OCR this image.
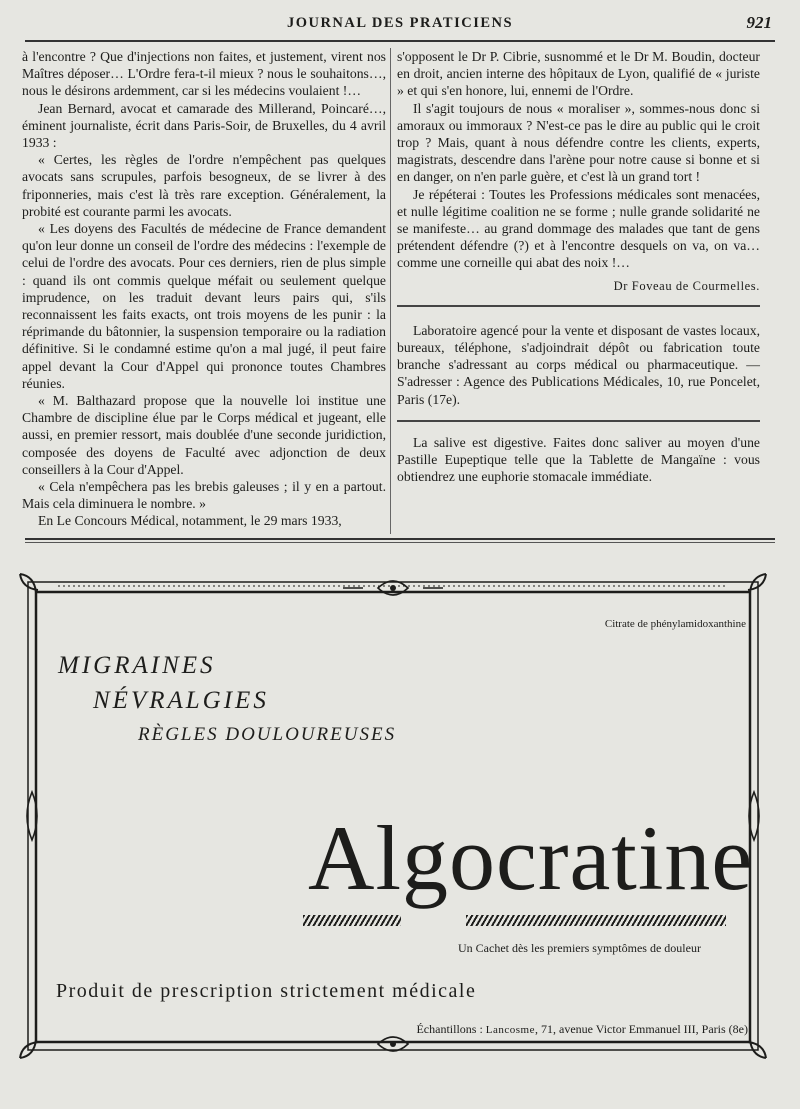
JOURNAL DES PRATICIENS	921

à l'encontre ? Que d'injections non faites, et justement, virent nos Maîtres déposer… L'Ordre fera-t-il mieux ? nous le souhaitons…, nous le désirons ardemment, car si les médecins voulaient !…

Jean Bernard, avocat et camarade des Millerand, Poincaré…, éminent journaliste, écrit dans Paris-Soir, de Bruxelles, du 4 avril 1933 :

« Certes, les règles de l'ordre n'empêchent pas quelques avocats sans scrupules, parfois besogneux, de se livrer à des friponneries, mais c'est là très rare exception. Généralement, la probité est courante parmi les avocats.

« Les doyens des Facultés de médecine de France demandent qu'on leur donne un conseil de l'ordre des médecins : l'exemple de celui de l'ordre des avocats. Pour ces derniers, rien de plus simple : quand ils ont commis quelque méfait ou seulement quelque imprudence, on les traduit devant leurs pairs qui, s'ils reconnaissent les faits exacts, ont trois moyens de les punir : la réprimande du bâtonnier, la suspension temporaire ou la radiation définitive. Si le condamné estime qu'on a mal jugé, il peut faire appel devant la Cour d'Appel qui prononce toutes Chambres réunies.

« M. Balthazard propose que la nouvelle loi institue une Chambre de discipline élue par le Corps médical et jugeant, elle aussi, en premier ressort, mais doublée d'une seconde juridiction, composée des doyens de Faculté avec adjonction de deux conseillers à la Cour d'Appel.

« Cela n'empêchera pas les brebis galeuses ; il y en a partout. Mais cela diminuera le nombre. »

En Le Concours Médical, notamment, le 29 mars 1933,

s'opposent le Dr P. Cibrie, susnommé et le Dr M. Boudin, docteur en droit, ancien interne des hôpitaux de Lyon, qualifié de « juriste » et qui s'en honore, lui, ennemi de l'Ordre.

Il s'agit toujours de nous « moraliser », sommes-nous donc si amoraux ou immoraux ? N'est-ce pas le dire au public qui le croit trop ? Mais, quant à nous défendre contre les clients, experts, magistrats, descendre dans l'arène pour notre cause si bonne et si en danger, on n'en parle guère, et c'est là un grand tort !

Je répéterai : Toutes les Professions médicales sont menacées, et nulle légitime coalition ne se forme ; nulle grande solidarité ne se manifeste… au grand dommage des malades que tant de gens prétendent défendre (?) et à l'encontre desquels on va, on va… comme une corneille qui abat des noix !…

Dr Foveau de Courmelles.

Laboratoire agencé pour la vente et disposant de vastes locaux, bureaux, téléphone, s'adjoindrait dépôt ou fabrication toute branche s'adressant au corps médical ou pharmaceutique. — S'adresser : Agence des Publications Médicales, 10, rue Poncelet, Paris (17e).

La salive est digestive. Faites donc saliver au moyen d'une Pastille Eupeptique telle que la Tablette de Mangaïne : vous obtiendrez une euphorie stomacale immédiate.

Citrate de phénylamidoxanthine
MIGRAINES
NÉVRALGIES
RÈGLES DOULOUREUSES
Algocratine
Un Cachet dès les premiers symptômes de douleur
Produit de prescription strictement médicale
Échantillons : Lancosme, 71, avenue Victor Emmanuel III, Paris (8e)
